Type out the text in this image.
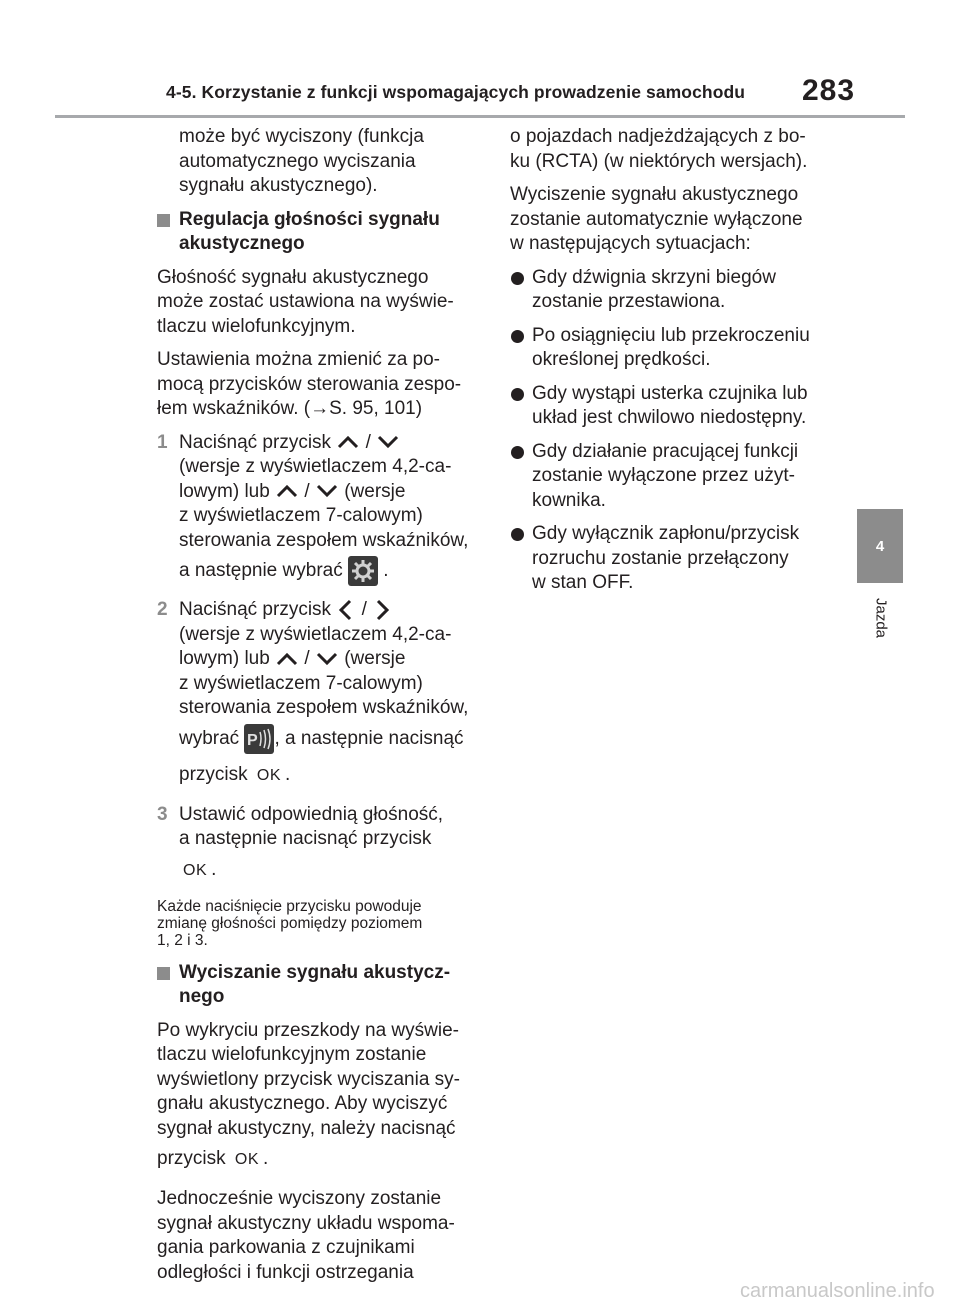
4-5. Korzystanie z funkcji wspomagających prowadzenie samochodu 283
4
Jazda

może być wyciszony (funkcja
automatycznego wyciszania
sygnału akustycznego).

Regulacja głośności sygnału
akustycznego

Głośność sygnału akustycznego
może zostać ustawiona na wyświe-
tlaczu wielofunkcyjnym.

Ustawienia można zmienić za po-
mocą przycisków sterowania zespo-
łem wskaźników. (→S. 95, 101)

1 Naciśnąć przycisk /
(wersje z wyświetlaczem 4,2-ca-
lowym) lub / (wersje
z wyświetlaczem 7-calowym)
sterowania zespołem wskaźników,
a następnie wybrać .
2 Naciśnąć przycisk /
(wersje z wyświetlaczem 4,2-ca-
lowym) lub / (wersje
z wyświetlaczem 7-calowym)
sterowania zespołem wskaźników,
wybrać P , a następnie nacisnąć
przycisk OK .
3 Ustawić odpowiednią głośność,
a następnie nacisnąć przycisk
OK .
Każde naciśnięcie przycisku powoduje
zmianę głośności pomiędzy poziomem
1, 2 i 3.
Wyciszanie sygnału akustycz-
nego

Po wykryciu przeszkody na wyświe-
tlaczu wielofunkcyjnym zostanie
wyświetlony przycisk wyciszania sy-
gnału akustycznego. Aby wyciszyć
sygnał akustyczny, należy nacisnąć
przycisk OK .

Jednocześnie wyciszony zostanie
sygnał akustyczny układu wspoma-
gania parkowania z czujnikami
odległości i funkcji ostrzegania

o pojazdach nadjeżdżających z bo-
ku (RCTA) (w niektórych wersjach).

Wyciszenie sygnału akustycznego
zostanie automatycznie wyłączone
w następujących sytuacjach:

Gdy dźwignia skrzyni biegów
zostanie przestawiona.
Po osiągnięciu lub przekroczeniu
określonej prędkości.
Gdy wystąpi usterka czujnika lub
układ jest chwilowo niedostępny.
Gdy działanie pracującej funkcji
zostanie wyłączone przez użyt-
kownika.
Gdy wyłącznik zapłonu/przycisk
rozruchu zostanie przełączony
w stan OFF.
carmanualsonline.info
